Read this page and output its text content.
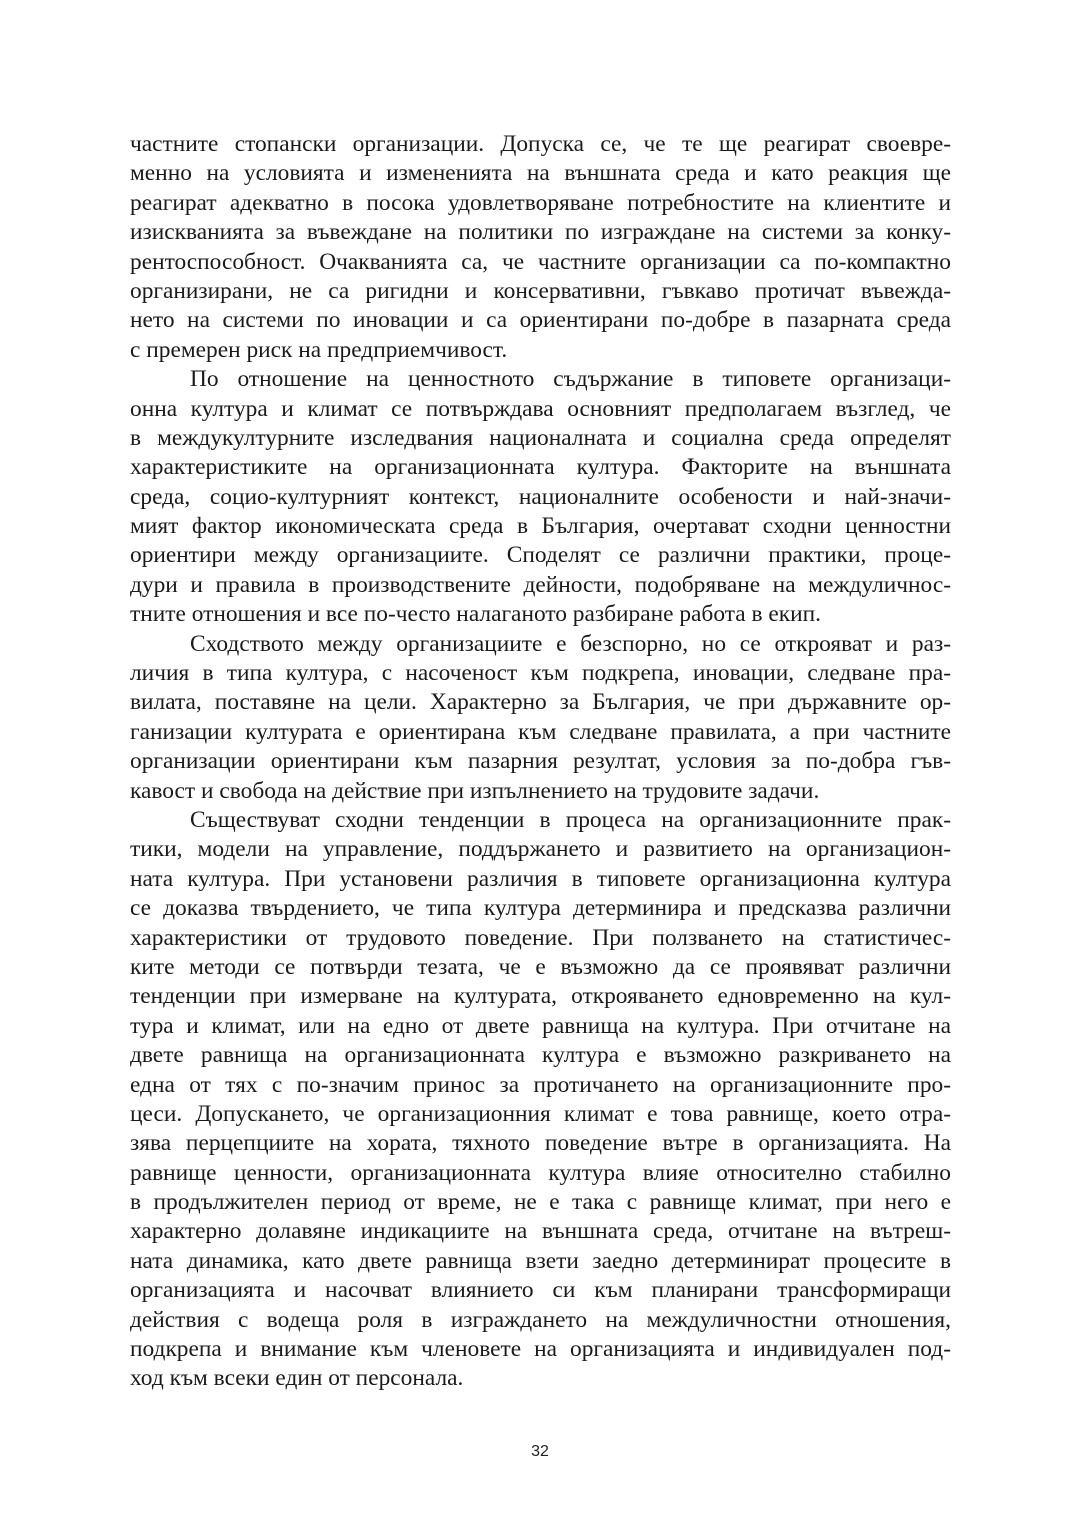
частните стопански организации. Допуска се, че те ще реагират своевре-
менно на условията и измененията на външната среда и като реакция ще
реагират адекватно в посока удовлетворяване потребностите на клиентите и
изискванията за въвеждане на политики по изграждане на системи за конку-
рентоспособност. Очакванията са, че частните организации са по-компактно
организирани, не са ригидни и консервативни, гъвкаво протичат въвежда-
нето на системи по иновации и са ориентирани по-добре в пазарната среда
с премерен риск на предприемчивост.
По отношение на ценностното съдържание в типовете организаци-
онна култура и климат се потвърждава основният предполагаем възглед, че
в междукултурните изследвания националната и социална среда определят
характеристиките на организационната култура. Факторите на външната
среда, социо-културният контекст, националните особености и най-значи-
мият фактор икономическата среда в България, очертават сходни ценностни
ориентири между организациите. Споделят се различни практики, проце-
дури и правила в производствените дейности, подобряване на междуличнос-
тните отношения и все по-често налаганото разбиране работа в екип.
Сходството между организациите е безспорно, но се открояват и раз-
личия в типа култура, с насоченост към подкрепа, иновации, следване пра-
вилата, поставяне на цели. Характерно за България, че при държавните ор-
ганизации културата е ориентирана към следване правилата, а при частните
организации ориентирани към пазарния резултат, условия за по-добра гъв-
кавост и свобода на действие при изпълнението на трудовите задачи.
Съществуват сходни тенденции в процеса на организационните прак-
тики, модели на управление, поддържането и развитието на организацион-
ната култура. При установени различия в типовете организационна култура
се доказва твърдението, че типа култура детерминира и предсказва различни
характеристики от трудовото поведение. При ползването на статистичес-
ките методи се потвърди тезата, че е възможно да се проявяват различни
тенденции при измерване на културата, открояването едновременно на кул-
тура и климат, или на едно от двете равнища на култура. При отчитане на
двете равнища на организационната култура е възможно разкриването на
една от тях с по-значим принос за протичането на организационните про-
цеси. Допускането, че организационния климат е това равнище, което отра-
зява перцепциите на хората, тяхното поведение вътре в организацията. На
равнище ценности, организационната култура влияе относително стабилно
в продължителен период от време, не е така с равнище климат, при него е
характерно долавяне индикациите на външната среда, отчитане на вътреш-
ната динамика, като двете равнища взети заедно детерминират процесите в
организацията и насочват влиянието си към планирани трансформиращи
действия с водеща роля в изграждането на междуличностни отношения,
подкрепа и внимание към членовете на организацията и индивидуален под-
ход към всеки един от персонала.
32
